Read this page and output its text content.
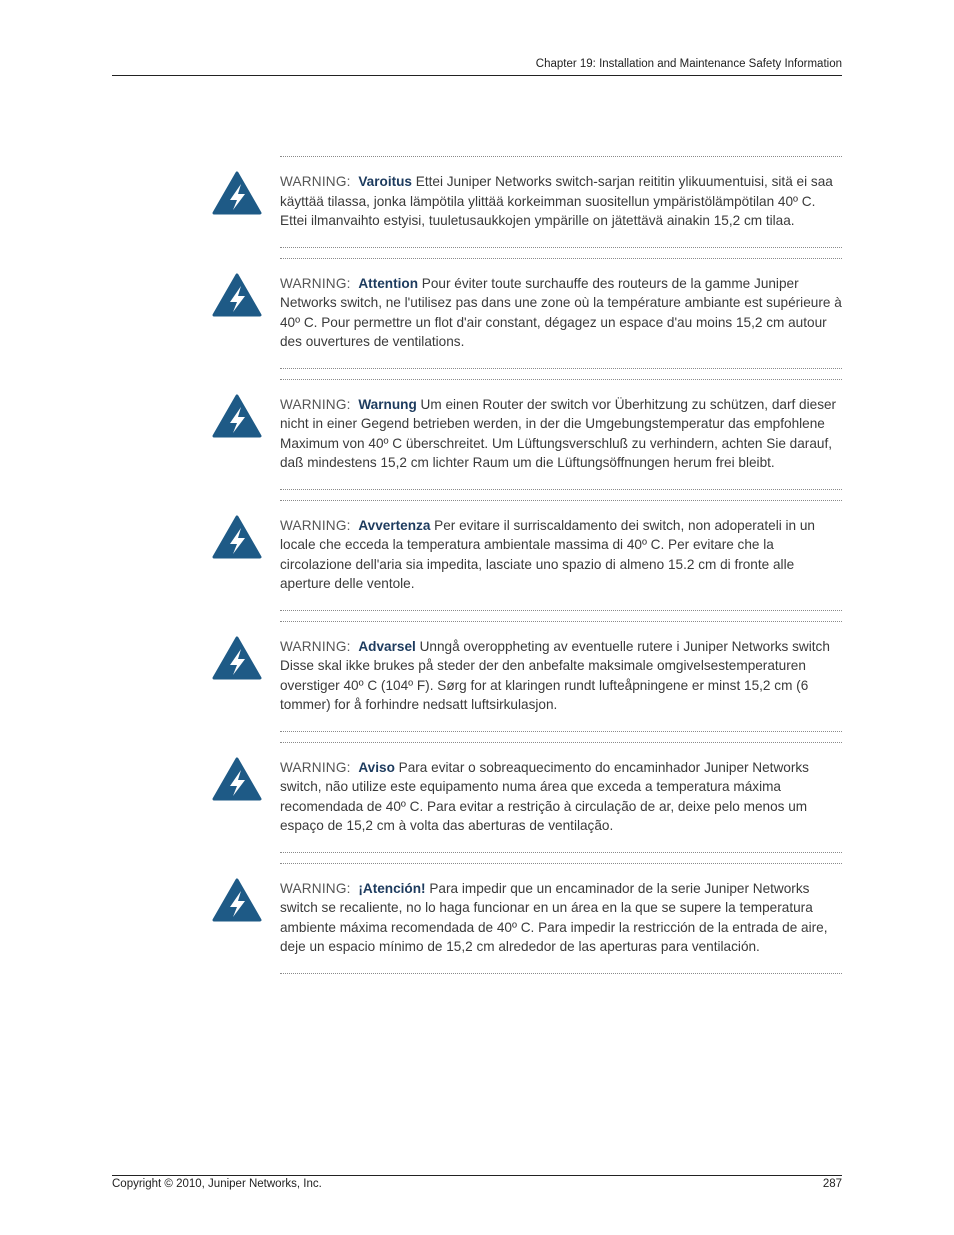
Chapter 19: Installation and Maintenance Safety Information
WARNING: Varoitus Ettei Juniper Networks switch-sarjan reititin ylikuumentuisi, sitä ei saa käyttää tilassa, jonka lämpötila ylittää korkeimman suositellun ympäristölämpötilan 40º C. Ettei ilmanvaihto estyisi, tuuletusaukkojen ympärille on jätettävä ainakin 15,2 cm tilaa.
WARNING: Attention Pour éviter toute surchauffe des routeurs de la gamme Juniper Networks switch, ne l'utilisez pas dans une zone où la température ambiante est supérieure à 40º C. Pour permettre un flot d'air constant, dégagez un espace d'au moins 15,2 cm autour des ouvertures de ventilations.
WARNING: Warnung Um einen Router der switch vor Überhitzung zu schützen, darf dieser nicht in einer Gegend betrieben werden, in der die Umgebungstemperatur das empfohlene Maximum von 40º C überschreitet. Um Lüftungsverschluß zu verhindern, achten Sie darauf, daß mindestens 15,2 cm lichter Raum um die Lüftungsöffnungen herum frei bleibt.
WARNING: Avvertenza Per evitare il surriscaldamento dei switch, non adoperateli in un locale che ecceda la temperatura ambientale massima di 40º C. Per evitare che la circolazione dell'aria sia impedita, lasciate uno spazio di almeno 15.2 cm di fronte alle aperture delle ventole.
WARNING: Advarsel Unngå overoppheting av eventuelle rutere i Juniper Networks switch Disse skal ikke brukes på steder der den anbefalte maksimale omgivelsestemperaturen overstiger 40º C (104º F). Sørg for at klaringen rundt lufteåpningene er minst 15,2 cm (6 tommer) for å forhindre nedsatt luftsirkulasjon.
WARNING: Aviso Para evitar o sobreaquecimento do encaminhador Juniper Networks switch, não utilize este equipamento numa área que exceda a temperatura máxima recomendada de 40º C. Para evitar a restrição à circulação de ar, deixe pelo menos um espaço de 15,2 cm à volta das aberturas de ventilação.
WARNING: ¡Atención! Para impedir que un encaminador de la serie Juniper Networks switch se recaliente, no lo haga funcionar en un área en la que se supere la temperatura ambiente máxima recomendada de 40º C. Para impedir la restricción de la entrada de aire, deje un espacio mínimo de 15,2 cm alrededor de las aperturas para ventilación.
Copyright © 2010, Juniper Networks, Inc.	287
